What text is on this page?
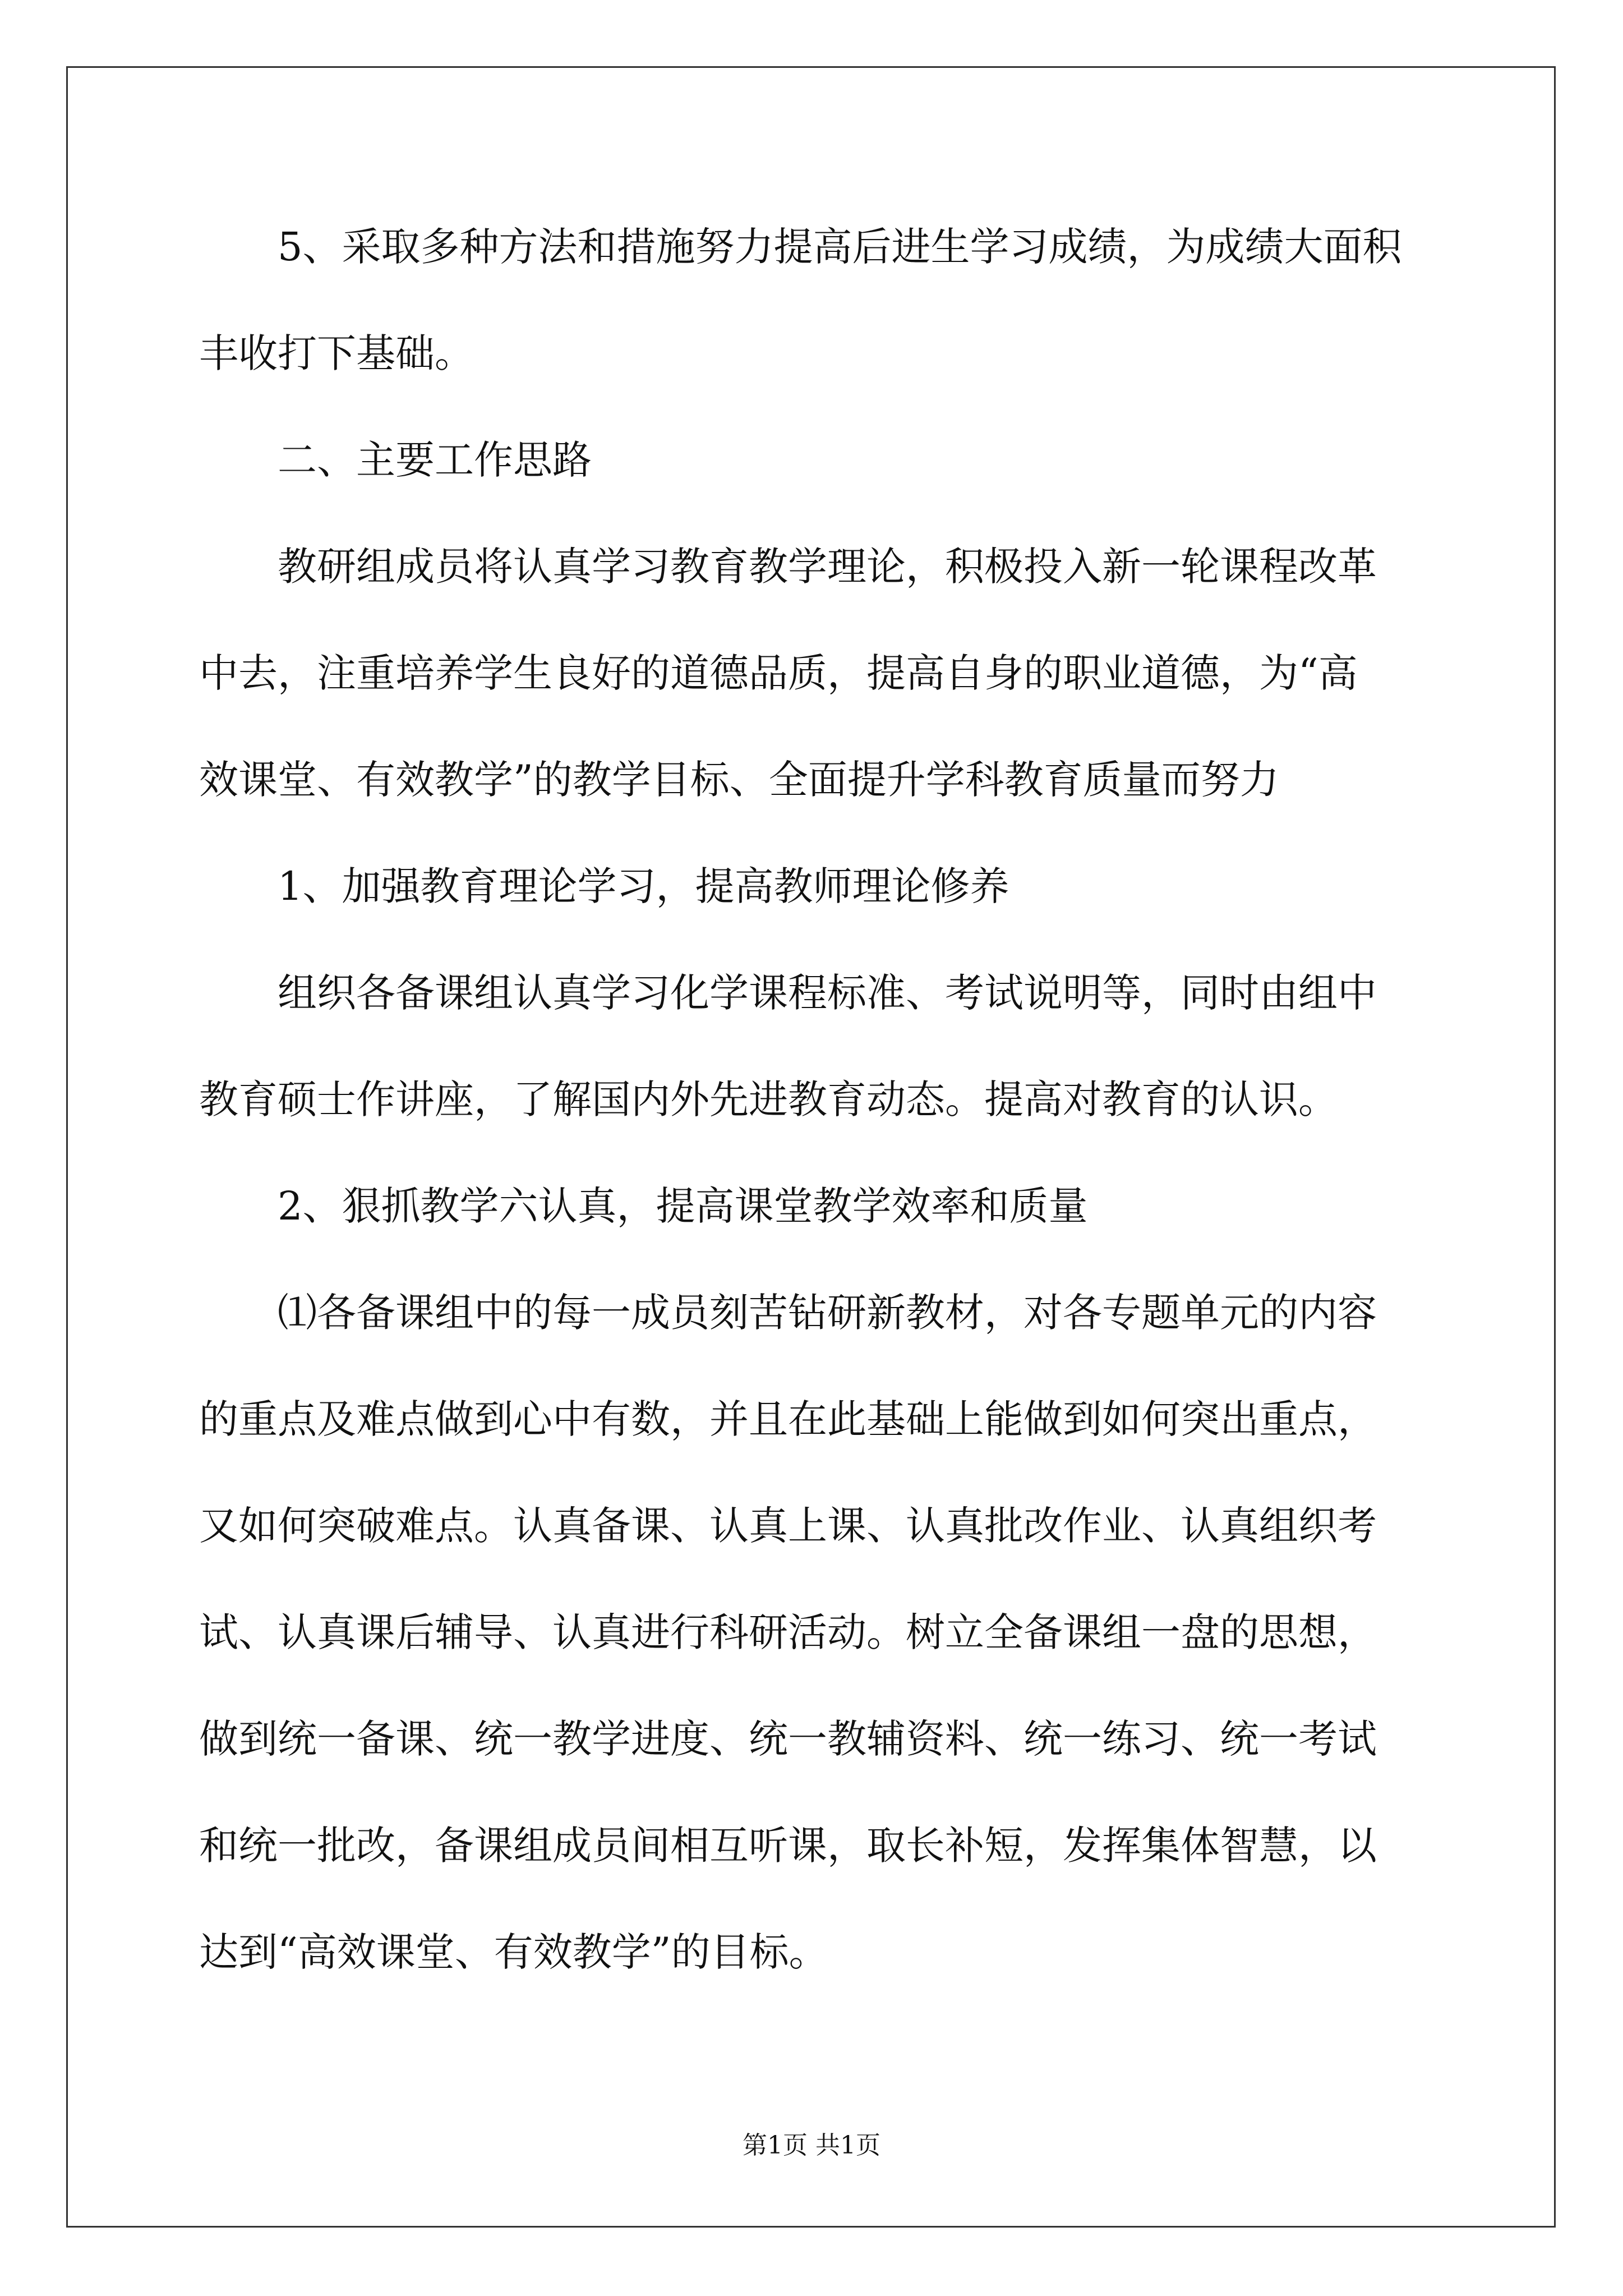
5、采取多种方法和措施努力提高后进生学习成绩，为成绩大面积
丰收打下基础。
二、主要工作思路
教研组成员将认真学习教育教学理论，积极投入新一轮课程改革
中去，注重培养学生良好的道德品质，提高自身的职业道德，为“高
效课堂、有效教学”的教学目标、全面提升学科教育质量而努力
1、加强教育理论学习，提高教师理论修养
组织各备课组认真学习化学课程标准、考试说明等，同时由组中
教育硕士作讲座，了解国内外先进教育动态。提高对教育的认识。
2、狠抓教学六认真，提高课堂教学效率和质量
⑴各备课组中的每一成员刻苦钻研新教材，对各专题单元的内容
的重点及难点做到心中有数，并且在此基础上能做到如何突出重点，
又如何突破难点。认真备课、认真上课、认真批改作业、认真组织考
试、认真课后辅导、认真进行科研活动。树立全备课组一盘的思想，
做到统一备课、统一教学进度、统一教辅资料、统一练习、统一考试
和统一批改，备课组成员间相互听课，取长补短，发挥集体智慧，以
达到“高效课堂、有效教学”的目标。
第1页 共1页
